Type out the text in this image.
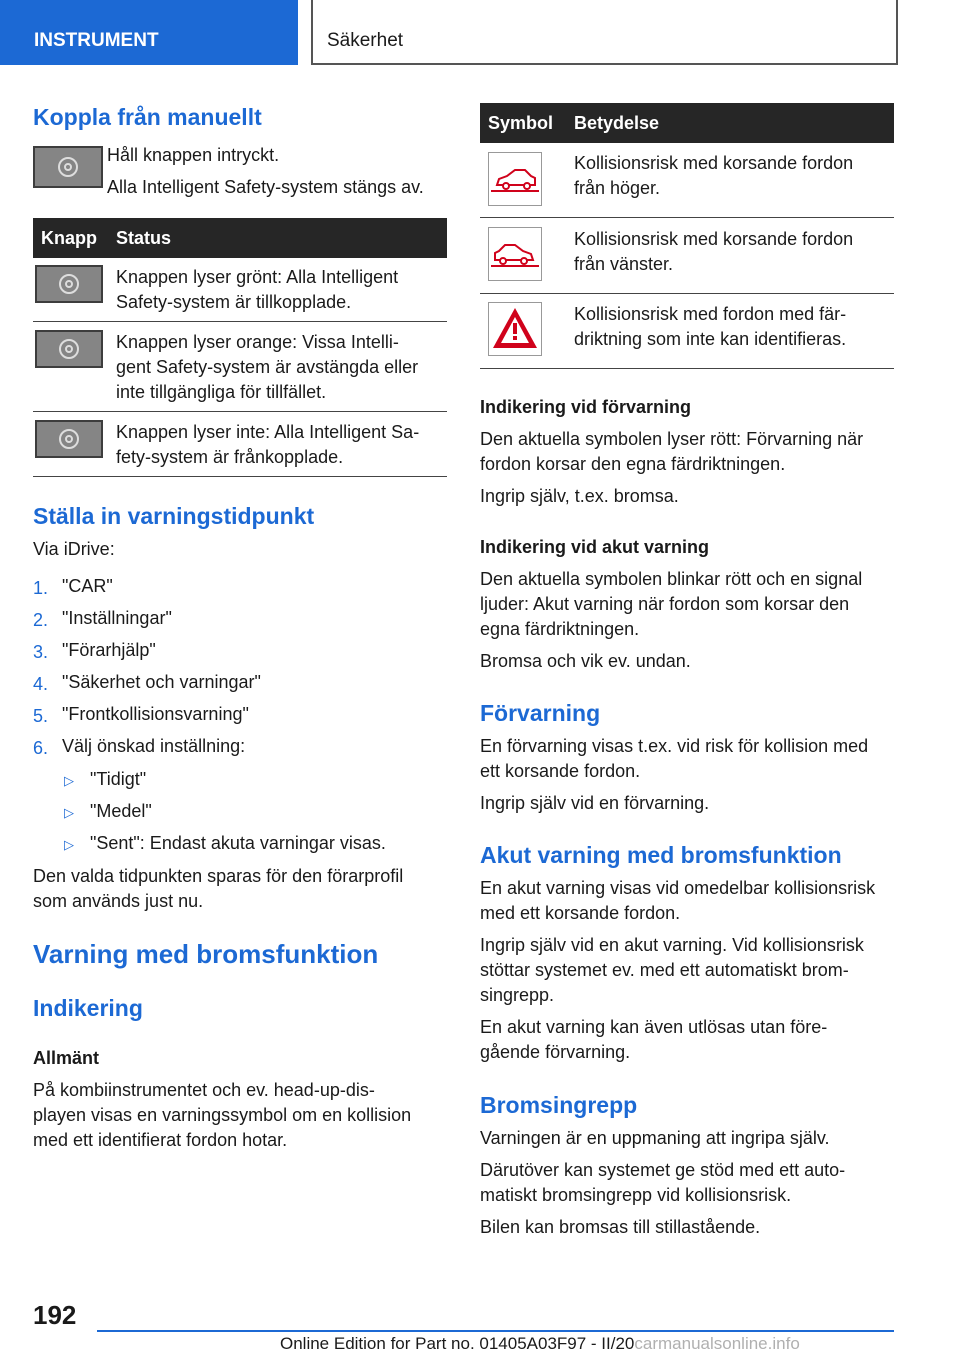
INSTRUMENT	Säkerhet
Koppla från manuellt
Håll knappen intryckt.
Alla Intelligent Safety-system stängs av.
Knapp Status
Knappen lyser grönt: Alla Intelligent
Safety-system är tillkopplade.
Knappen lyser orange: Vissa Intelli-
gent Safety-system är avstängda eller
inte tillgängliga för tillfället.
Knappen lyser inte: Alla Intelligent Sa-
fety-system är frånkopplade.
Ställa in varningstidpunkt
Via iDrive:
1. "CAR"
2. "Inställningar"
3. "Förarhjälp"
4. "Säkerhet och varningar"
5. "Frontkollisionsvarning"
6. Välj önskad inställning:
▷ "Tidigt"
▷ "Medel"
▷ "Sent": Endast akuta varningar visas.
Den valda tidpunkten sparas för den förarprofil
som används just nu.
Varning med bromsfunktion
Indikering
Allmänt
På kombiinstrumentet och ev. head-up-dis-
playen visas en varningssymbol om en kollision
med ett identifierat fordon hotar.
Symbol Betydelse
Kollisionsrisk med korsande fordon
från höger.
Kollisionsrisk med korsande fordon
från vänster.
Kollisionsrisk med fordon med fär-
driktning som inte kan identifieras.
Indikering vid förvarning
Den aktuella symbolen lyser rött: Förvarning när
fordon korsar den egna färdriktningen.
Ingrip själv, t.ex. bromsa.
Indikering vid akut varning
Den aktuella symbolen blinkar rött och en signal
ljuder: Akut varning när fordon som korsar den
egna färdriktningen.
Bromsa och vik ev. undan.
Förvarning
En förvarning visas t.ex. vid risk för kollision med
ett korsande fordon.
Ingrip själv vid en förvarning.
Akut varning med bromsfunktion
En akut varning visas vid omedelbar kollisionsrisk
med ett korsande fordon.
Ingrip själv vid en akut varning. Vid kollisionsrisk
stöttar systemet ev. med ett automatiskt brom-
singrepp.
En akut varning kan även utlösas utan före-
gående förvarning.
Bromsingrepp
Varningen är en uppmaning att ingripa själv.
Därutöver kan systemet ge stöd med ett auto-
matiskt bromsingrepp vid kollisionsrisk.
Bilen kan bromsas till stillastående.
192
Online Edition for Part no. 01405A03F97 - II/20carmanualsonline.info
